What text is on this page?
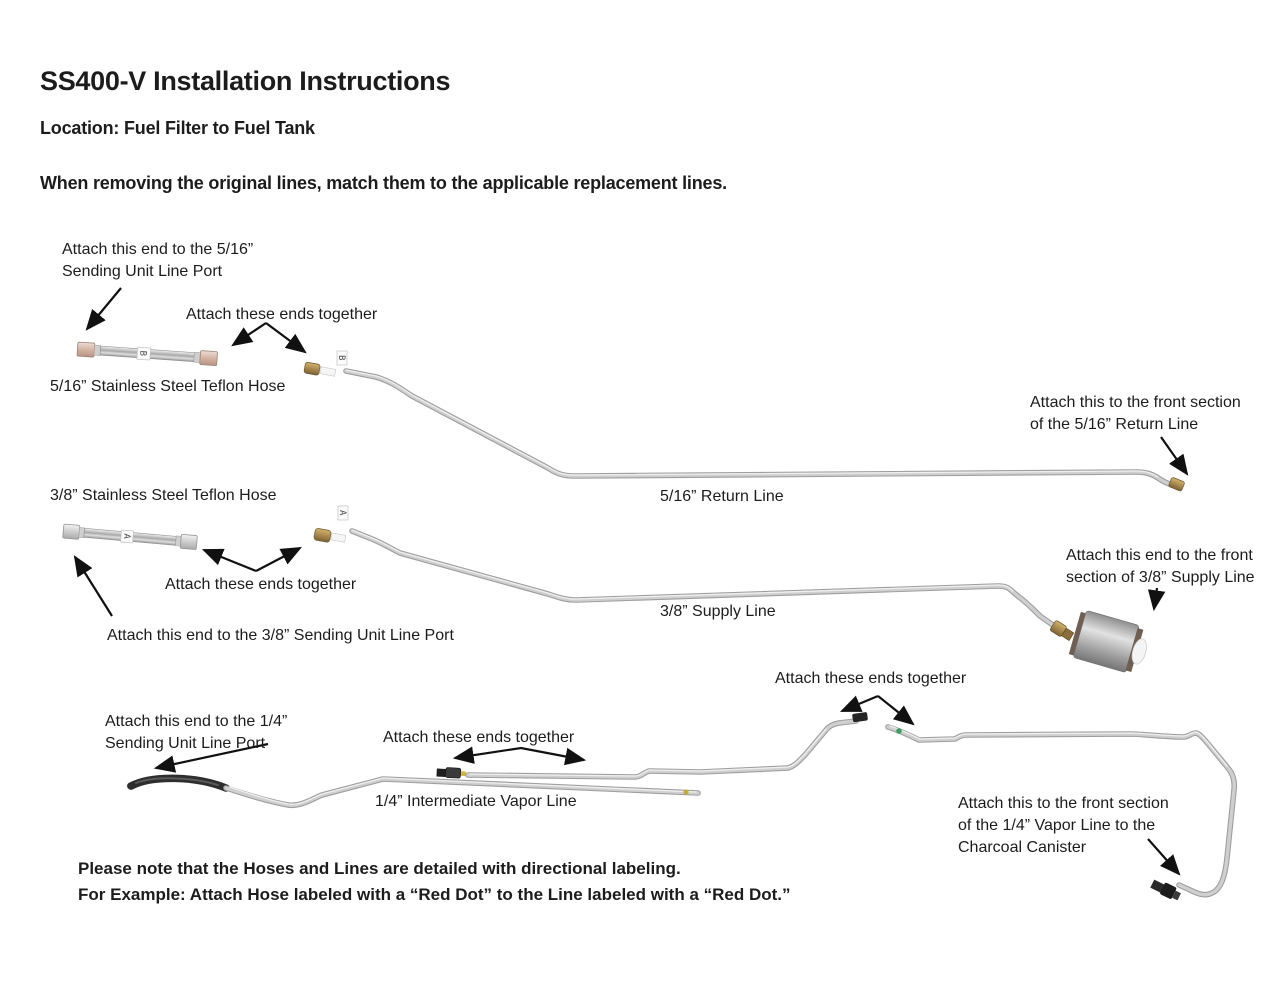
B
B
A
A
SS400-V Installation Instructions
Location: Fuel Filter to Fuel Tank
When removing the original lines, match them to the applicable replacement lines.
Attach this end to the 5/16”
Sending Unit Line Port
Attach these ends together
5/16” Stainless Steel Teflon Hose
Attach this to the front section
of the 5/16” Return Line
5/16” Return Line
3/8” Stainless Steel Teflon Hose
Attach these ends together
Attach this end to the 3/8” Sending Unit Line Port
Attach this end to the front
section of 3/8” Supply Line
3/8” Supply Line
Attach these ends together
Attach this end to the 1/4”
Sending Unit Line Port	Attach these ends together
1/4” Intermediate Vapor Line	Attach this to the front section
of the 1/4” Vapor Line to the
Charcoal Canister
Please note that the Hoses and Lines are detailed with directional labeling.
For Example: Attach Hose labeled with a “Red Dot” to the Line labeled with a “Red Dot.”
